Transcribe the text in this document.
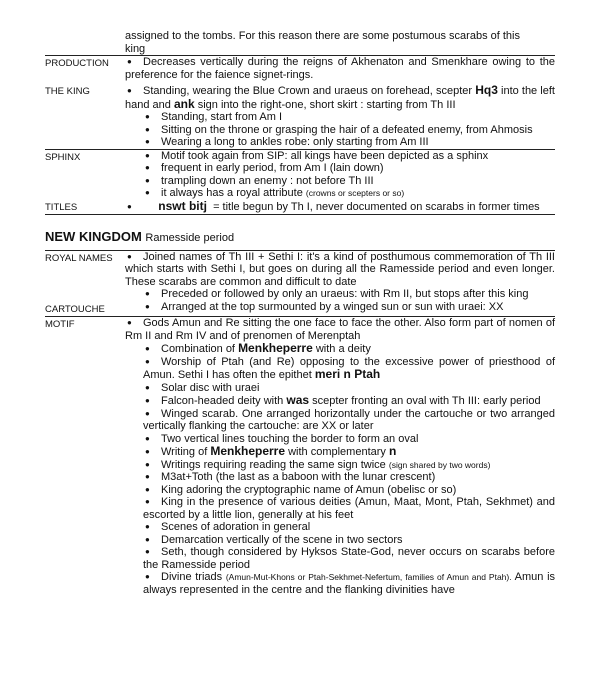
assigned to the tombs. For this reason there are some postumous scarabs of this
king
PRODUCTION	● Decreases vertically during the reigns of Akhenaton and Smenkhare owing to the preference for the faience signet-rings.
THE KING	● Standing, wearing the Blue Crown and uraeus on forehead, scepter Hq3 into the left hand and ank sign into the right-one, short skirt : starting from Th III
● Standing, start from Am I
● Sitting on the throne or grasping the hair of a defeated enemy, from Ahmosis
● Wearing a long to ankles robe: only starting from Am III
SPHINX	● Motif took again from SIP: all kings have been depicted as a sphinx
● frequent in early period, from Am I (lain down)
● trampling down an enemy : not before Th III
● it always has a royal attribute (crowns or scepters or so)
TITLES	● nswt bitj = title begun by Th I, never documented on scarabs in former times
NEW KINGDOM Ramesside period
ROYAL NAMES	● Joined names of Th III + Sethi I: it's a kind of posthumous commemoration of Th III which starts with Sethi I, but goes on during all the Ramesside period and even longer. These scarabs are common and difficult to date
CARTOUCHE
● Preceded or followed by only an uraeus: with Rm II, but stops after this king
● Arranged at the top surmounted by a winged sun or sun with uraei: XX
MOTIF	● Gods Amun and Re sitting the one face to face the other. Also form part of nomen of Rm II and Rm IV and of prenomen of Merenptah
● Combination of Menkheperre with a deity
● Worship of Ptah (and Re) opposing to the excessive power of priesthood of Amun. Sethi I has often the epithet meri n Ptah
● Solar disc with uraei
● Falcon-headed deity with was scepter fronting an oval with Th III: early period
● Winged scarab. One arranged horizontally under the cartouche or two arranged vertically flanking the cartouche: are XX or later
● Two vertical lines touching the border to form an oval
● Writing of Menkheperre with complementary n
● Writings requiring reading the same sign twice (sign shared by two words)
● M3at+Toth (the last as a baboon with the lunar crescent)
● King adoring the cryptographic name of Amun (obelisc or so)
● King in the presence of various deities (Amun, Maat, Mont, Ptah, Sekhmet) and escorted by a little lion, generally at his feet
● Scenes of adoration in general
● Demarcation vertically of the scene in two sectors
● Seth, though considered by Hyksos State-God, never occurs on scarabs before the Ramesside period
● Divine triads (Amun-Mut-Khons or Ptah-Sekhmet-Nefertum, families of Amun and Ptah). Amun is always represented in the centre and the flanking divinities have
